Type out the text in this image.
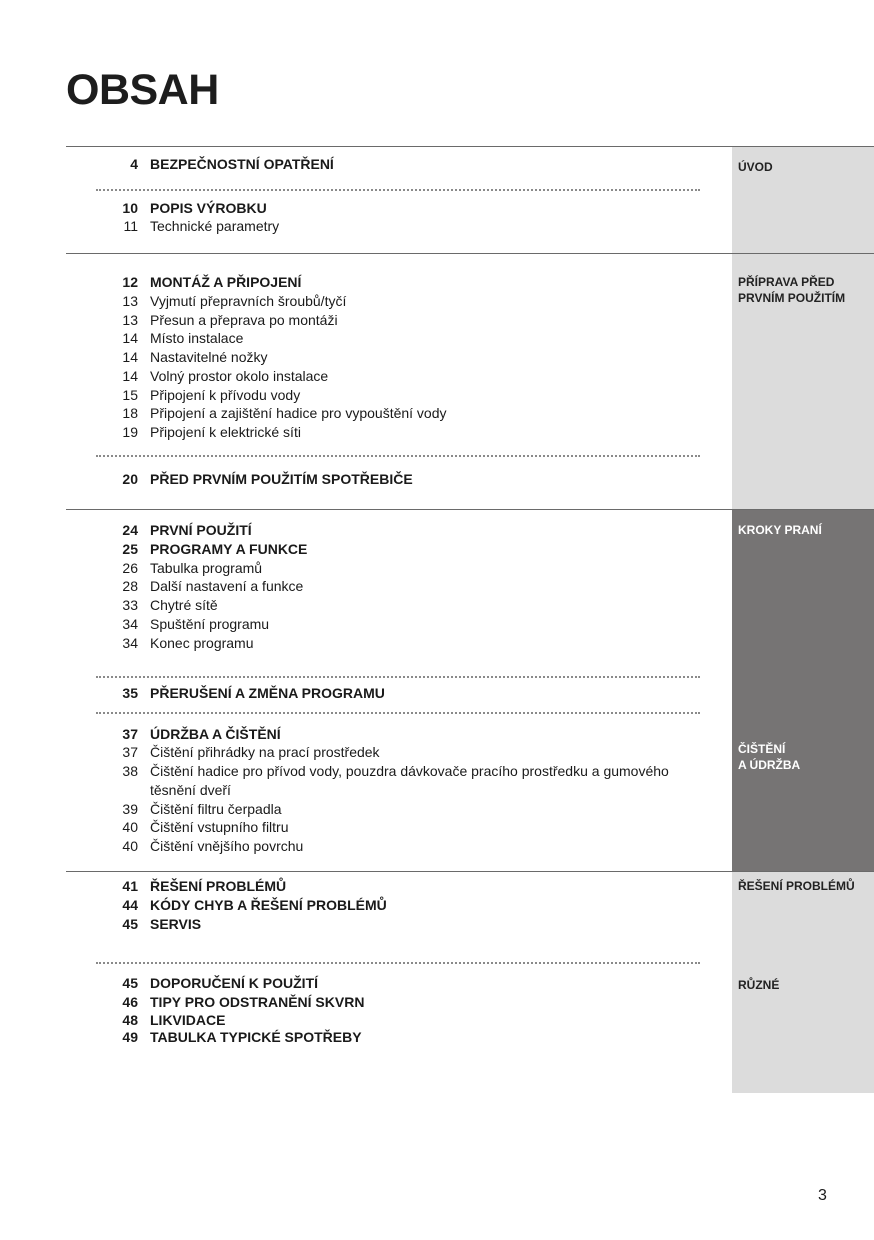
OBSAH
ÚVOD
PŘÍPRAVA PŘED
PRVNÍM POUŽITÍM
KROKY PRANÍ
ČIŠTĚNÍ
A ÚDRŽBA
ŘEŠENÍ PROBLÉMŮ
RŮZNÉ
4 BEZPEČNOSTNÍ OPATŘENÍ
10 POPIS VÝROBKU
11 Technické parametry
12 MONTÁŽ A PŘIPOJENÍ
13 Vyjmutí přepravních šroubů/tyčí
13 Přesun a přeprava po montáži
14 Místo instalace
14 Nastavitelné nožky
14 Volný prostor okolo instalace
15 Připojení k přívodu vody
18 Připojení a zajištění hadice pro vypouštění vody
19 Připojení k elektrické síti
20 PŘED PRVNÍM POUŽITÍM SPOTŘEBIČE
24 PRVNÍ POUŽITÍ
25 PROGRAMY A FUNKCE
26 Tabulka programů
28 Další nastavení a funkce
33 Chytré sítě
34 Spuštění programu
34 Konec programu
35 PŘERUŠENÍ A ZMĚNA PROGRAMU
37 ÚDRŽBA A ČIŠTĚNÍ
37 Čištění přihrádky na prací prostředek
38 Čištění hadice pro přívod vody, pouzdra dávkovače pracího prostředku a gumového těsnění dveří
39 Čištění filtru čerpadla
40 Čištění vstupního filtru
40 Čištění vnějšího povrchu
41 ŘEŠENÍ PROBLÉMŮ
44 KÓDY CHYB A ŘEŠENÍ PROBLÉMŮ
45 SERVIS
45 DOPORUČENÍ K POUŽITÍ
46 TIPY PRO ODSTRANĚNÍ SKVRN
48 LIKVIDACE
49 TABULKA TYPICKÉ SPOTŘEBY
3
